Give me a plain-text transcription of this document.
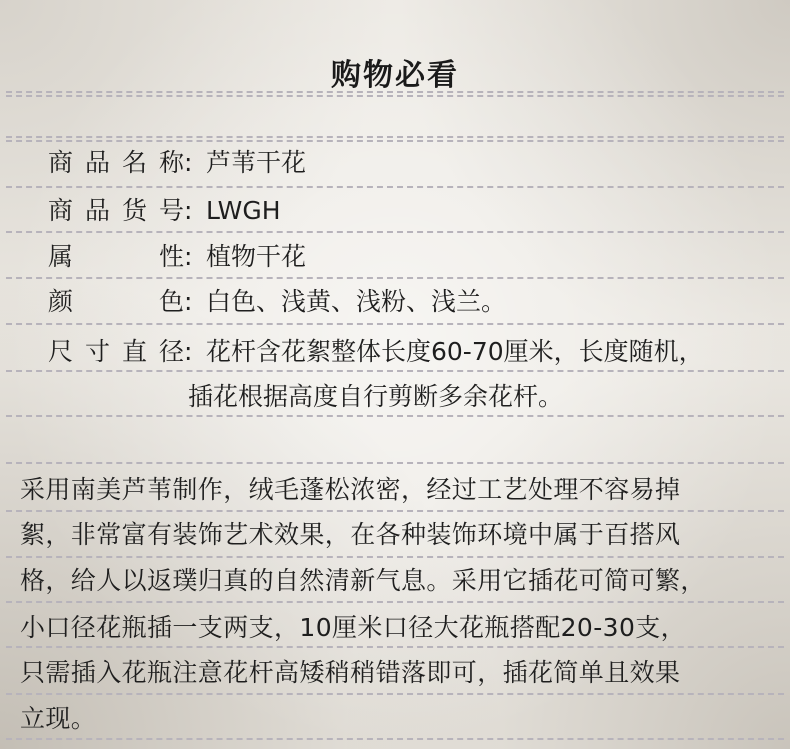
购物必看
商品名称: 芦苇干花
商品货号: LWGH
属性: 植物干花
颜色: 白色、浅黄、浅粉、浅兰。
尺寸直径: 花杆含花絮整体长度60-70厘米，长度随机，
插花根据高度自行剪断多余花杆。
采用南美芦苇制作，绒毛蓬松浓密，经过工艺处理不容易掉
絮，非常富有装饰艺术效果，在各种装饰环境中属于百搭风
格，给人以返璞归真的自然清新气息。采用它插花可简可繁，
小口径花瓶插一支两支，10厘米口径大花瓶搭配20-30支，
只需插入花瓶注意花杆高矮稍稍错落即可，插花简单且效果
立现。
